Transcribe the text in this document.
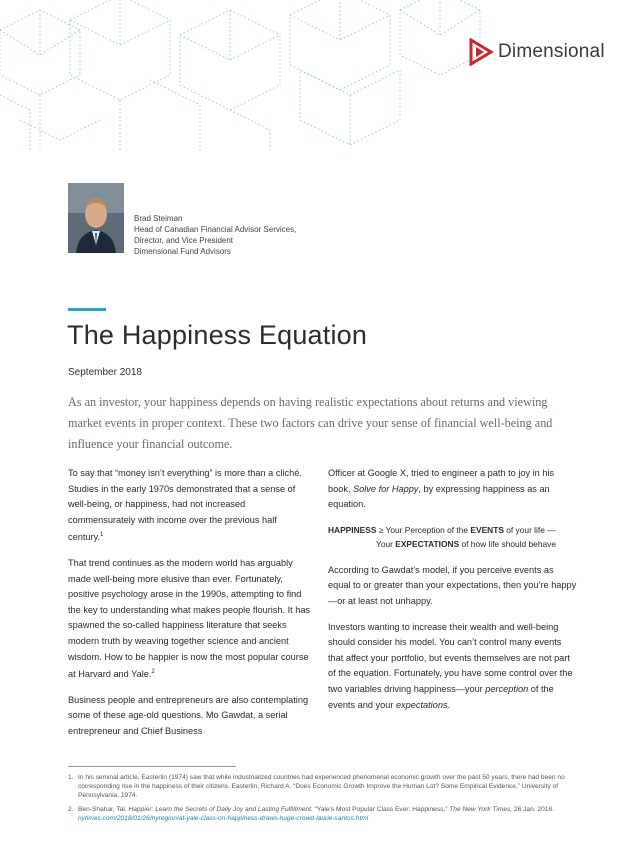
Dimensional
Brad Steiman
Head of Canadian Financial Advisor Services,
Director, and Vice President
Dimensional Fund Advisors
The Happiness Equation
September 2018

As an investor, your happiness depends on having realistic expectations about returns and viewing market events in proper context. These two factors can drive your sense of financial well-being and influence your financial outcome.

To say that “money isn’t everything” is more than a cliché. Studies in the early 1970s demonstrated that a sense of well-being, or happiness, had not increased commensurately with income over the previous half century.$^1$

That trend continues as the modern world has arguably made well-being more elusive than ever. Fortunately, positive psychology arose in the 1990s, attempting to find the key to understanding what makes people flourish. It has spawned the so-called happiness literature that seeks modern truth by weaving together science and ancient wisdom. How to be happier is now the most popular course at Harvard and Yale.$^2$

Business people and entrepreneurs are also contemplating some of these age-old questions. Mo Gawdat, a serial entrepreneur and Chief Business

Officer at Google X, tried to engineer a path to joy in his book, Solve for Happy, by expressing happiness as an equation.

HAPPINESS ≥ Your Perception of the EVENTS of your life —
Your EXPECTATIONS of how life should behave

According to Gawdat’s model, if you perceive events as equal to or greater than your expectations, then you’re happy—or at least not unhappy.

Investors wanting to increase their wealth and well-being should consider his model. You can’t control many events that affect your portfolio, but events themselves are not part of the equation. Fortunately, you have some control over the two variables driving happiness—your perception of the events and your expectations.

1. In his seminal article, Easterlin (1974) saw that while industrialized countries had experienced phenomenal economic growth over the past 50 years, there had been no corresponding rise in the happiness of their citizens. Easterlin, Richard A. “Does Economic Growth Improve the Human Lot? Some Empirical Evidence,” University of Pennsylvania, 1974.
2. Ben-Shahar, Tal. Happier: Learn the Secrets of Daily Joy and Lasting Fulfillment. “Yale’s Most Popular Class Ever: Happiness,” The New York Times, 26 Jan. 2018. nytimes.com/2018/01/26/nyregion/at-yale-class-on-happiness-draws-huge-crowd-laurie-santos.html
